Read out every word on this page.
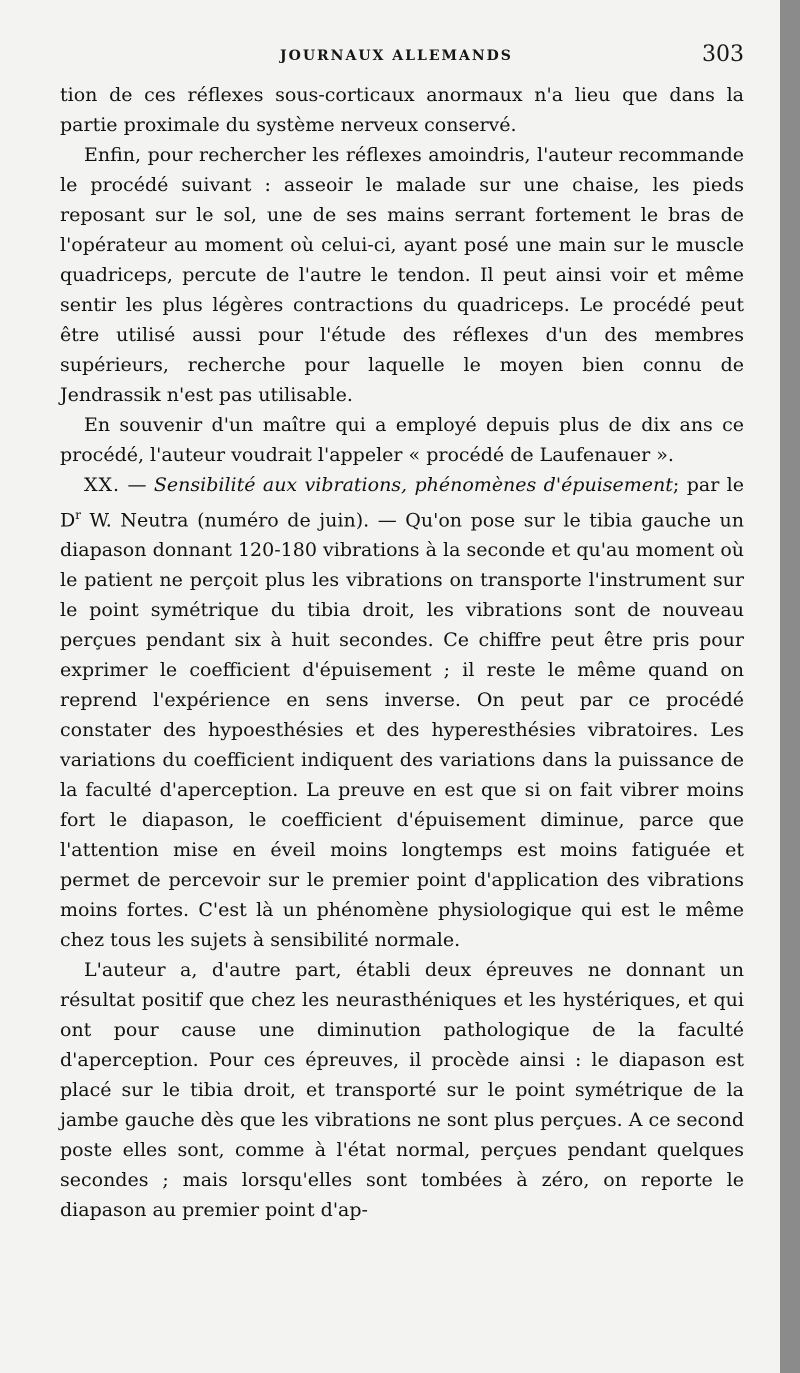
JOURNAUX ALLEMANDS	303

tion de ces réflexes sous-corticaux anormaux n'a lieu que dans la partie proximale du système nerveux conservé.

Enfin, pour rechercher les réflexes amoindris, l'auteur recommande le procédé suivant : asseoir le malade sur une chaise, les pieds reposant sur le sol, une de ses mains serrant fortement le bras de l'opérateur au moment où celui-ci, ayant posé une main sur le muscle quadriceps, percute de l'autre le tendon. Il peut ainsi voir et même sentir les plus légères contractions du quadriceps. Le procédé peut être utilisé aussi pour l'étude des réflexes d'un des membres supérieurs, recherche pour laquelle le moyen bien connu de Jendrassik n'est pas utilisable.

En souvenir d'un maître qui a employé depuis plus de dix ans ce procédé, l'auteur voudrait l'appeler « procédé de Laufenauer ».

XX. — Sensibilité aux vibrations, phénomènes d'épuisement; par le $D^r$ W. Neutra (numéro de juin). — Qu'on pose sur le tibia gauche un diapason donnant 120-180 vibrations à la seconde et qu'au moment où le patient ne perçoit plus les vibrations on transporte l'instrument sur le point symétrique du tibia droit, les vibrations sont de nouveau perçues pendant six à huit secondes. Ce chiffre peut être pris pour exprimer le coefficient d'épuisement ; il reste le même quand on reprend l'expérience en sens inverse. On peut par ce procédé constater des hypoesthésies et des hyperesthésies vibratoires. Les variations du coefficient indiquent des variations dans la puissance de la faculté d'aperception. La preuve en est que si on fait vibrer moins fort le diapason, le coefficient d'épuisement diminue, parce que l'attention mise en éveil moins longtemps est moins fatiguée et permet de percevoir sur le premier point d'application des vibrations moins fortes. C'est là un phénomène physiologique qui est le même chez tous les sujets à sensibilité normale.

L'auteur a, d'autre part, établi deux épreuves ne donnant un résultat positif que chez les neurasthéniques et les hystériques, et qui ont pour cause une diminution pathologique de la faculté d'aperception. Pour ces épreuves, il procède ainsi : le diapason est placé sur le tibia droit, et transporté sur le point symétrique de la jambe gauche dès que les vibrations ne sont plus perçues. A ce second poste elles sont, comme à l'état normal, perçues pendant quelques secondes ; mais lorsqu'elles sont tombées à zéro, on reporte le diapason au premier point d'ap-
